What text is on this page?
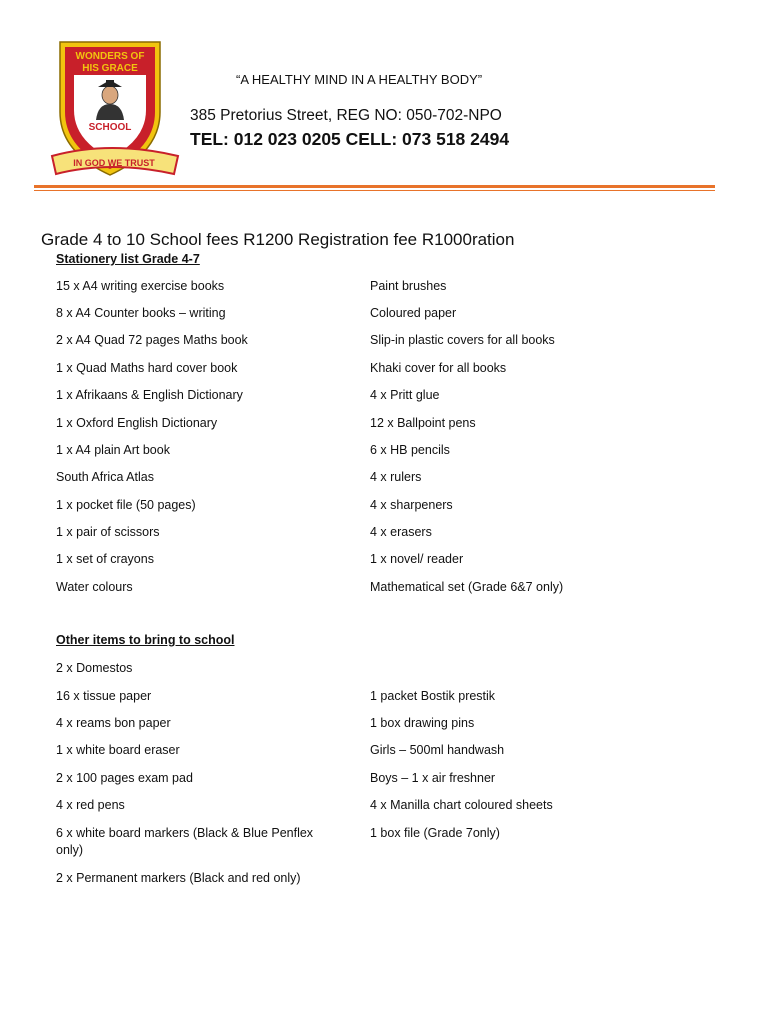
WONDERS OF
HIS GRACE
SCHOOL
IN GOD WE TRUST
“A HEALTHY MIND IN A HEALTHY BODY”
385 Pretorius Street, REG NO: 050-702-NPO
TEL: 012 023 0205 CELL: 073 518 2494
Grade 4 to 10 School fees R1200 Registration fee R1000ration
Stationery list Grade 4-7
15 x A4 writing exercise books
8 x A4 Counter books – writing
2 x A4 Quad 72 pages Maths book
1 x Quad Maths hard cover book
1 x Afrikaans & English Dictionary
1 x Oxford English Dictionary
1 x A4 plain Art book
South Africa Atlas
1 x pocket file (50 pages)
1 x pair of scissors
1 x set of crayons
Water colours
Paint brushes
Coloured paper
Slip-in plastic covers for all books
Khaki cover for all books
4 x Pritt glue
12 x Ballpoint pens
6 x HB pencils
4 x rulers
4 x sharpeners
4 x erasers
1 x novel/ reader
Mathematical set (Grade 6&7 only)
Other items to bring to school
2 x Domestos
16 x tissue paper
4 x reams bon paper
1 x white board eraser
2 x 100 pages exam pad
4 x red pens
6 x white board markers (Black & Blue Penflex only)
2 x Permanent markers (Black and red only)
1 packet Bostik prestik
1 box drawing pins
Girls – 500ml handwash
Boys – 1 x air freshner
4 x Manilla chart coloured sheets
1 box file (Grade 7only)
